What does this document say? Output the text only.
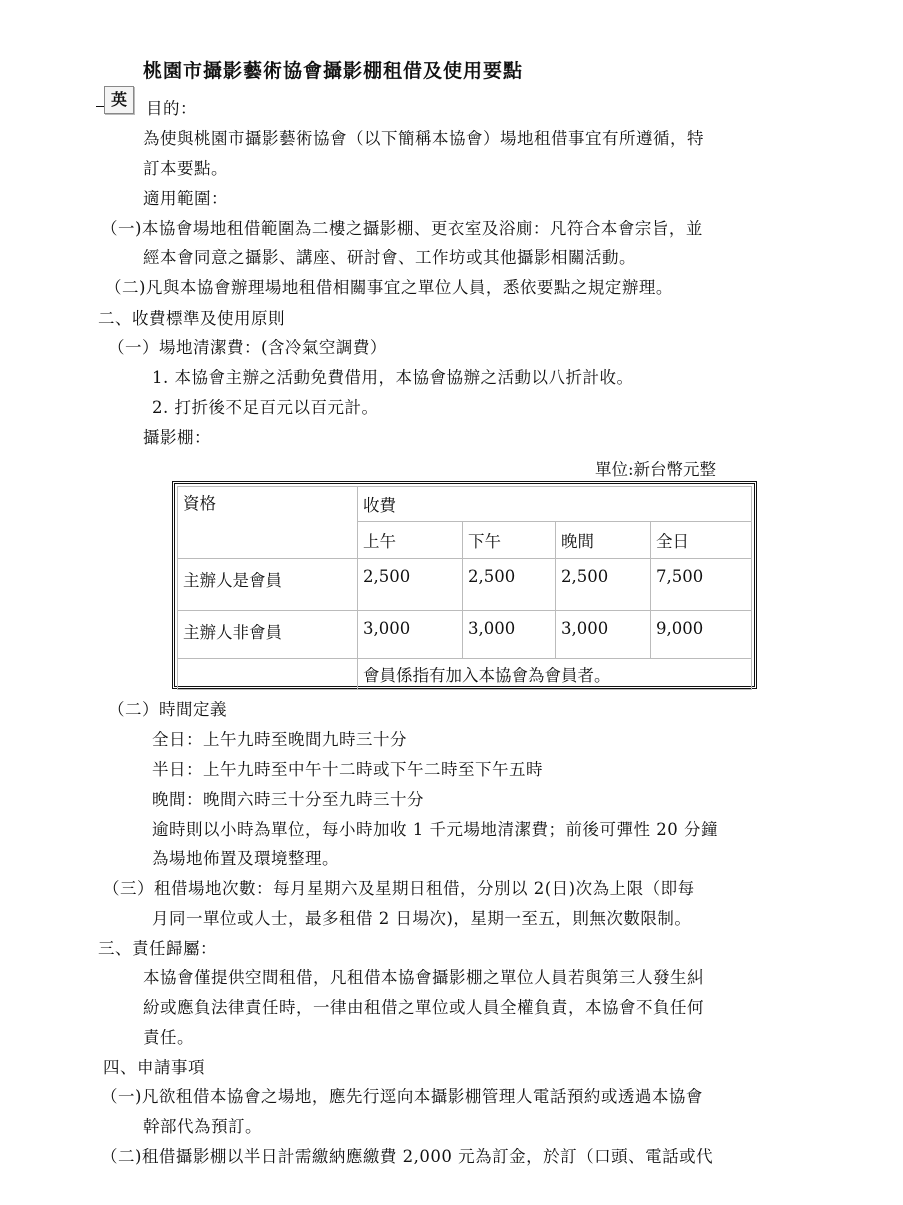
桃園市攝影藝術協會攝影棚租借及使用要點
英	目的：
為使與桃園市攝影藝術協會（以下簡稱本協會）場地租借事宜有所遵循，特
訂本要點。
適用範圍：
（一)本協會場地租借範圍為二樓之攝影棚、更衣室及浴廁：凡符合本會宗旨，並
經本會同意之攝影、講座、研討會、工作坊或其他攝影相關活動。
（二)凡與本協會辦理場地租借相關事宜之單位人員，悉依要點之規定辦理。
二、收費標準及使用原則
（一）場地清潔費：(含冷氣空調費）
1. 本協會主辦之活動免費借用，本協會協辦之活動以八折計收。
2. 打折後不足百元以百元計。
攝影棚：
單位:新台幣元整
資格	收費			
	上午	下午	晚間	全日
主辦人是會員	2,500	2,500	2,500	7,500
主辦人非會員	3,000	3,000	3,000	9,000
	會員係指有加入本協會為會員者。			
（二）時間定義
全日：上午九時至晚間九時三十分
半日：上午九時至中午十二時或下午二時至下午五時
晚間：晚間六時三十分至九時三十分
逾時則以小時為單位，每小時加收 1 千元場地清潔費；前後可彈性 20 分鐘
為場地佈置及環境整理。
（三）租借場地次數：每月星期六及星期日租借，分別以 2(日)次為上限（即每
月同一單位或人士，最多租借 2 日場次)，星期一至五，則無次數限制。
三、責任歸屬：
本協會僅提供空間租借，凡租借本協會攝影棚之單位人員若與第三人發生糾
紛或應負法律責任時，一律由租借之單位或人員全權負責，本協會不負任何
責任。
四、申請事項
（一)凡欲租借本協會之場地，應先行逕向本攝影棚管理人電話預約或透過本協會
幹部代為預訂。
（二)租借攝影棚以半日計需繳納應繳費 2,000 元為訂金，於訂（口頭、電話或代
